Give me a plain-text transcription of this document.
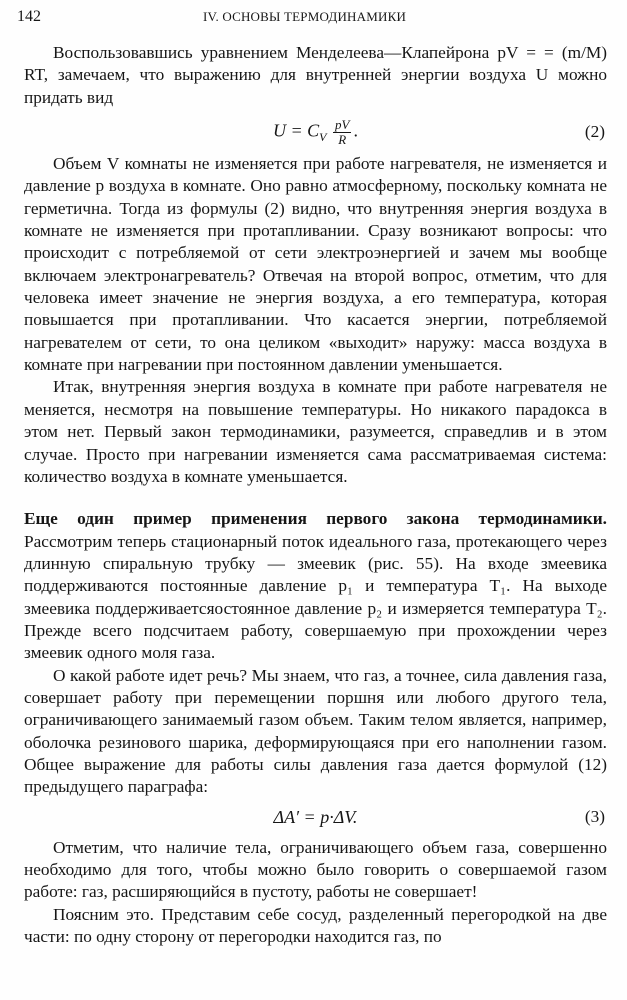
142	IV. ОСНОВЫ ТЕРМОДИНАМИКИ

Воспользовавшись уравнением Менделеева—Клапейрона pV = = (m/M) RT, замечаем, что выражению для внутренней энергии воздуха U можно придать вид

$U = C_V \frac{pV}{R}$ .	(2)

Объем V комнаты не изменяется при работе нагревателя, не изменяется и давление p воздуха в комнате. Оно равно атмосферному, поскольку комната не герметична. Тогда из формулы (2) видно, что внутренняя энергия воздуха в комнате не изменяется при протапливании. Сразу возникают вопросы: что происходит с потребляемой от сети электроэнергией и зачем мы вообще включаем электронагреватель? Отвечая на второй вопрос, отметим, что для человека имеет значение не энергия воздуха, а его температура, которая повышается при протапливании. Что касается энергии, потребляемой нагревателем от сети, то она целиком «выходит» наружу: масса воздуха в комнате при нагревании при постоянном давлении уменьшается.

Итак, внутренняя энергия воздуха в комнате при работе нагревателя не меняется, несмотря на повышение температуры. Но никакого парадокса в этом нет. Первый закон термодинамики, разумеется, справедлив и в этом случае. Просто при нагревании изменяется сама рассматриваемая система: количество воздуха в комнате уменьшается.

Еще один пример применения первого закона термодинамики. Рассмотрим теперь стационарный поток идеального газа, протекающего через длинную спиральную трубку — змеевик (рис. 55). На входе змеевика поддерживаются постоянные давление p₁ и температура T₁. На выходе змеевика поддерживаетсяостоянное давление p₂ и измеряется температура T₂. Прежде всего подсчитаем работу, совершаемую при прохождении через змеевик одного моля газа.

О какой работе идет речь? Мы знаем, что газ, а точнее, сила давления газа, совершает работу при перемещении поршня или любого другого тела, ограничивающего занимаемый газом объем. Таким телом является, например, оболочка резинового шарика, деформирующаяся при его наполнении газом. Общее выражение для работы силы давления газа дается формулой (12) предыдущего параграфа:

ΔA′ = p·ΔV.	(3)

Отметим, что наличие тела, ограничивающего объем газа, совершенно необходимо для того, чтобы можно было говорить о совершаемой газом работе: газ, расширяющийся в пустоту, работы не совершает!

Поясним это. Представим себе сосуд, разделенный перегородкой на две части: по одну сторону от перегородки находится газ, по
